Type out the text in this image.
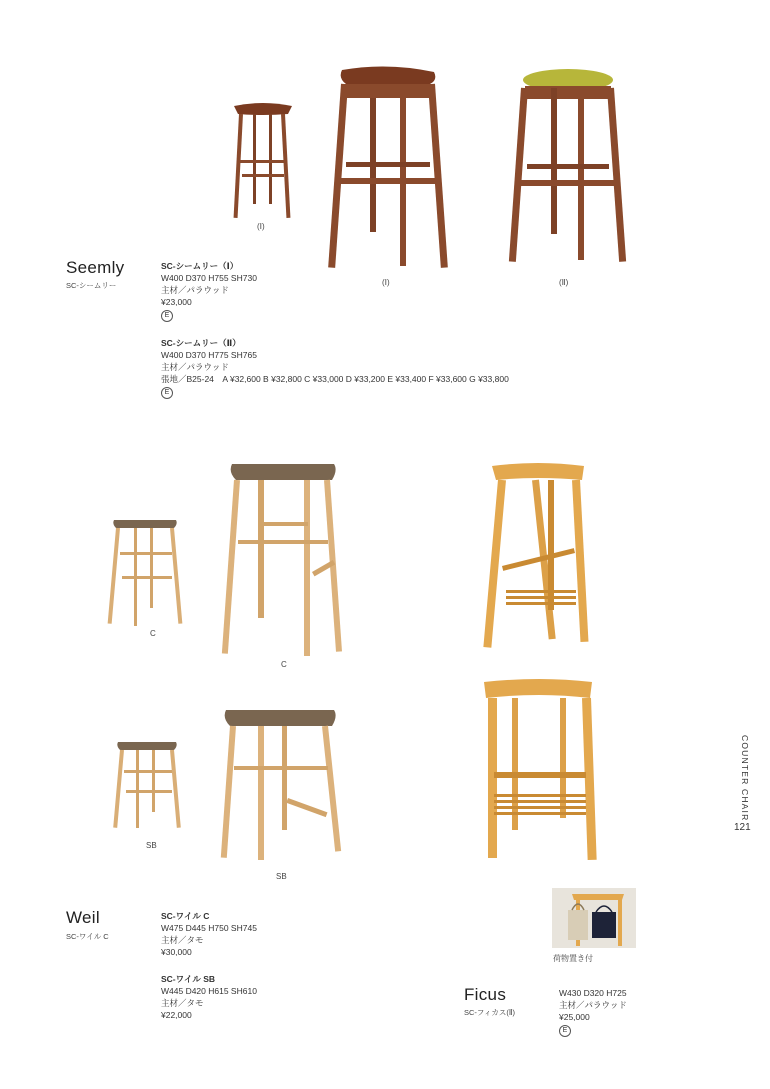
(Ⅰ)
(Ⅰ)	(Ⅱ)
Seemly
SC-シームリー
SC-シームリー（Ⅰ）
W400 D370 H755 SH730
主材／パラウッド
¥23,000
E
SC-シームリー（Ⅱ）
W400 D370 H775 SH765
主材／パラウッド
張地／B25-24　A ¥32,600 B ¥32,800 C ¥33,000 D ¥33,200 E ¥33,400 F ¥33,600 G ¥33,800
E
C
C
SB
SB
Weil
SC-ワイル C
SC-ワイル C
W475 D445 H750 SH745
主材／タモ
¥30,000
SC-ワイル SB
W445 D420 H615 SH610
主材／タモ
¥22,000
荷物置き付
Ficus
SC-フィカス(Ⅱ)
W430 D320 H725
主材／パラウッド
¥25,000
E
COUNTER CHAIR
121
